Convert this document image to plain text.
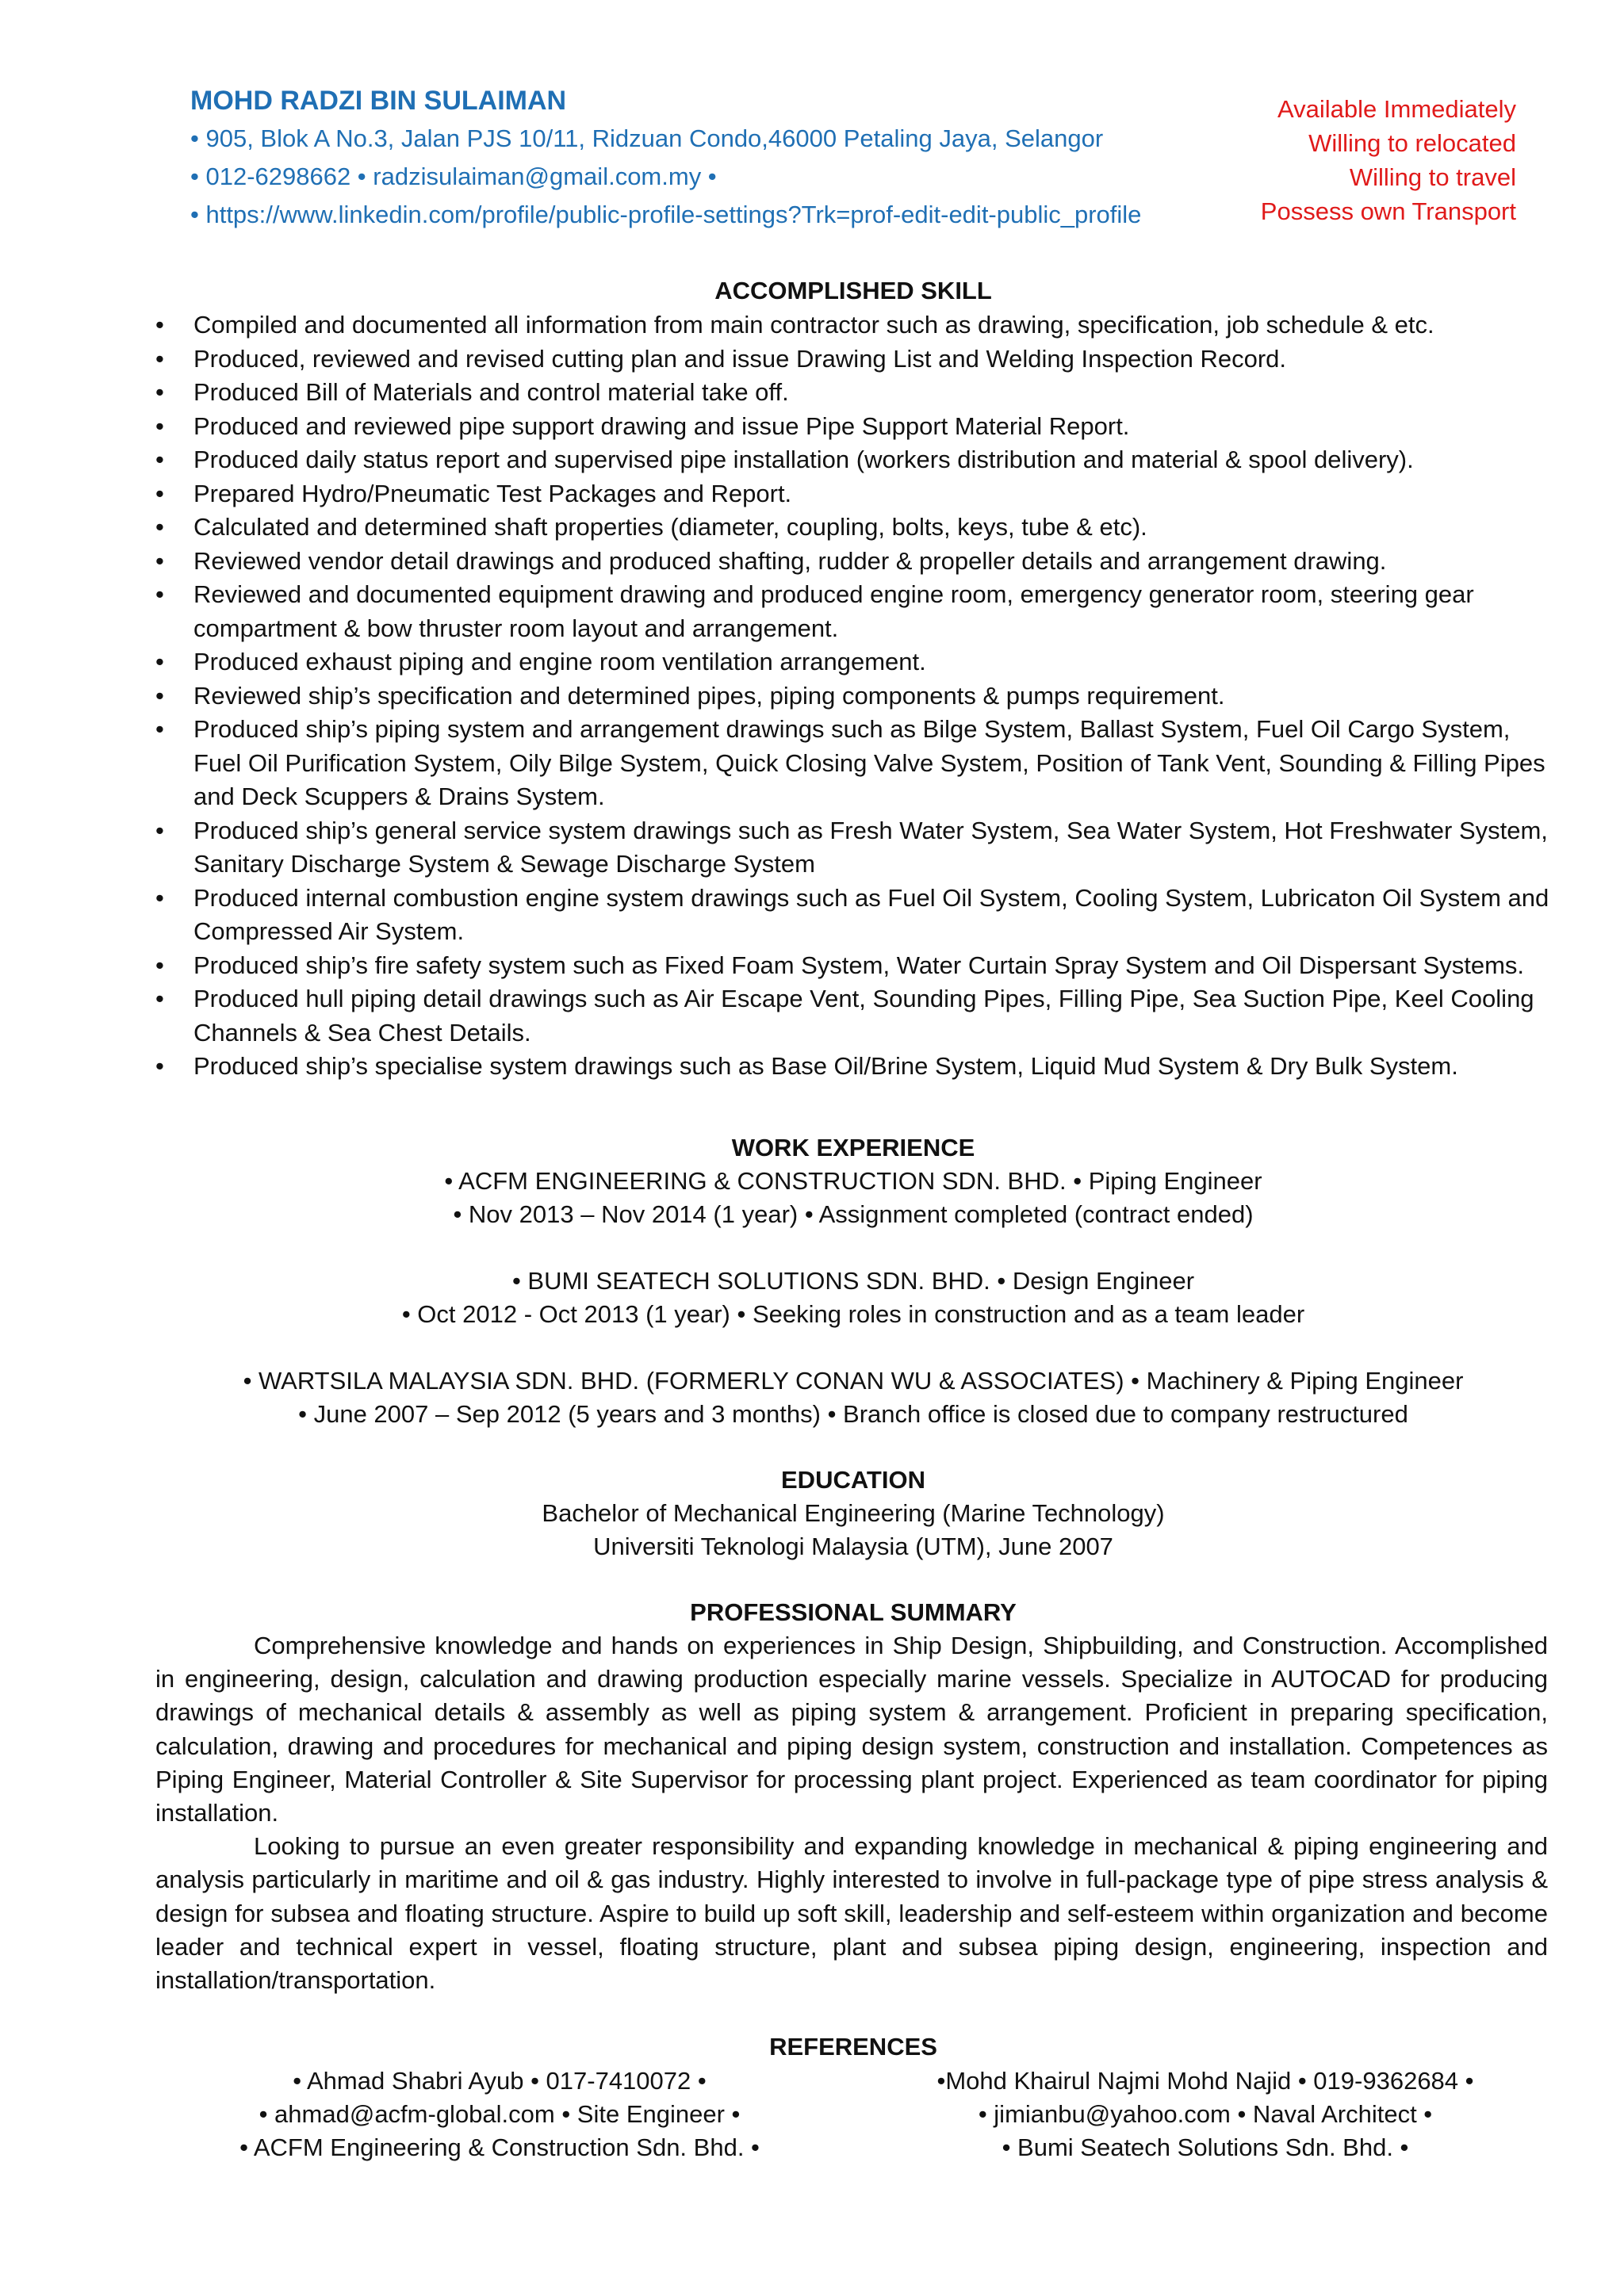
MOHD RADZI BIN SULAIMAN
• 905, Blok A No.3, Jalan PJS 10/11, Ridzuan Condo,46000 Petaling Jaya, Selangor
• 012-6298662 • radzisulaiman@gmail.com.my •
• https://www.linkedin.com/profile/public-profile-settings?Trk=prof-edit-edit-public_profile
Available Immediately
Willing to relocated
Willing to travel
Possess own Transport
ACCOMPLISHED SKILL
• Compiled and documented all information from main contractor such as drawing, specification, job schedule & etc.
• Produced, reviewed and revised cutting plan and issue Drawing List and Welding Inspection Record.
• Produced Bill of Materials and control material take off.
• Produced and reviewed pipe support drawing and issue Pipe Support Material Report.
• Produced daily status report and supervised pipe installation (workers distribution and material & spool delivery).
• Prepared Hydro/Pneumatic Test Packages and Report.
• Calculated and determined shaft properties (diameter, coupling, bolts, keys, tube & etc).
• Reviewed vendor detail drawings and produced shafting, rudder & propeller details and arrangement drawing.
• Reviewed and documented equipment drawing and produced engine room, emergency generator room, steering gear compartment & bow thruster room layout and arrangement.
• Produced exhaust piping and engine room ventilation arrangement.
• Reviewed ship’s specification and determined pipes, piping components & pumps requirement.
• Produced ship’s piping system and arrangement drawings such as Bilge System, Ballast System, Fuel Oil Cargo System, Fuel Oil Purification System, Oily Bilge System, Quick Closing Valve System, Position of Tank Vent, Sounding & Filling Pipes and Deck Scuppers & Drains System.
• Produced ship’s general service system drawings such as Fresh Water System, Sea Water System, Hot Freshwater System, Sanitary Discharge System & Sewage Discharge System
• Produced internal combustion engine system drawings such as Fuel Oil System, Cooling System, Lubricaton Oil System and Compressed Air System.
• Produced ship’s fire safety system such as Fixed Foam System, Water Curtain Spray System and Oil Dispersant Systems.
• Produced hull piping detail drawings such as Air Escape Vent, Sounding Pipes, Filling Pipe, Sea Suction Pipe, Keel Cooling Channels & Sea Chest Details.
• Produced ship’s specialise system drawings such as Base Oil/Brine System, Liquid Mud System & Dry Bulk System.
WORK EXPERIENCE
• ACFM ENGINEERING & CONSTRUCTION SDN. BHD. • Piping Engineer
• Nov 2013 – Nov 2014 (1 year) • Assignment completed (contract ended)
• BUMI SEATECH SOLUTIONS SDN. BHD. • Design Engineer
• Oct 2012 - Oct 2013 (1 year) • Seeking roles in construction and as a team leader
• WARTSILA MALAYSIA SDN. BHD. (FORMERLY CONAN WU & ASSOCIATES) • Machinery & Piping Engineer
• June 2007 – Sep 2012 (5 years and 3 months) • Branch office is closed due to company restructured
EDUCATION
Bachelor of Mechanical Engineering (Marine Technology)
Universiti Teknologi Malaysia (UTM), June 2007
PROFESSIONAL SUMMARY

Comprehensive knowledge and hands on experiences in Ship Design, Shipbuilding, and Construction. Accomplished in engineering, design, calculation and drawing production especially marine vessels. Specialize in AUTOCAD for producing drawings of mechanical details & assembly as well as piping system & arrangement. Proficient in preparing specification, calculation, drawing and procedures for mechanical and piping design system, construction and installation. Competences as Piping Engineer, Material Controller & Site Supervisor for processing plant project. Experienced as team coordinator for piping installation.

Looking to pursue an even greater responsibility and expanding knowledge in mechanical & piping engineering and analysis particularly in maritime and oil & gas industry. Highly interested to involve in full-package type of pipe stress analysis & design for subsea and floating structure. Aspire to build up soft skill, leadership and self-esteem within organization and become leader and technical expert in vessel, floating structure, plant and subsea piping design, engineering, inspection and installation/transportation.

REFERENCES
• Ahmad Shabri Ayub • 017-7410072 •
• ahmad@acfm-global.com • Site Engineer •
• ACFM Engineering & Construction Sdn. Bhd. •
•Mohd Khairul Najmi Mohd Najid • 019-9362684 •
• jimianbu@yahoo.com • Naval Architect •
• Bumi Seatech Solutions Sdn. Bhd. •
